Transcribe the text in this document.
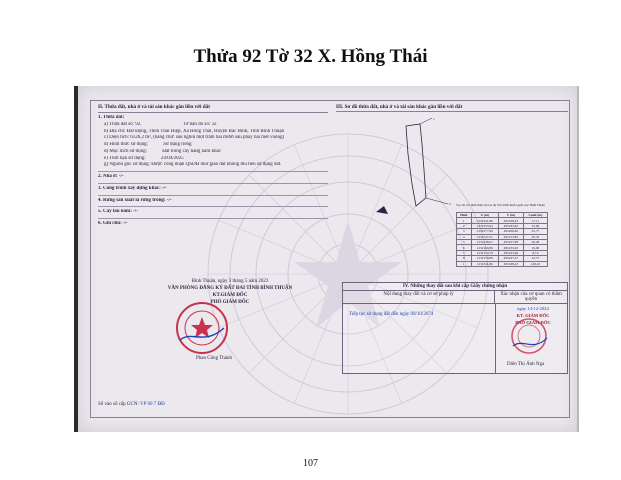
Thửa 92 Tờ 32 X. Hồng Thái
II. Thửa đất, nhà ở và tài sản khác gắn liền với đất
1. Thửa đất:
a) Thửa đất số: 92.	Tờ bản đồ số: 32
b) Địa chỉ: Đất Động, Thôn Thái Hiệp, Xã Hồng Thái, Huyện Bắc Bình, Tỉnh Bình Thuận
c) Diện tích: 6126,2 m², (bằng chữ: sáu nghìn một trăm hai mươi sáu phẩy hai mét vuông)
d) Hình thức sử dụng:	Sử dụng riêng
đ) Mục đích sử dụng:	Đất trồng cây hàng năm khác
e) Thời hạn sử dụng:	24/04/2025
g) Nguồn gốc sử dụng: Được công nhận QSDĐ như giao đất không thu tiền sử dụng đất.
2. Nhà ở: -/-
3. Công trình xây dựng khác: -/-
4. Rừng sản xuất là rừng trồng: -/-
5. Cây lâu năm: -/-
6. Ghi chú: -/-
Bình Thuận, ngày 3 tháng 5 năm 2023
VĂN PHÒNG ĐĂNG KÝ ĐẤT ĐAI TỈNH BÌNH THUẬN
KT.GIÁM ĐỐC
PHÓ GIÁM ĐỐC
Phan Công Thành
Số vào sổ cấp GCN: VP 00 7 ĐĐ
III. Sơ đồ thửa đất, nhà ở và tài sản khác gắn liền với đất
1
5 Tọa độ các đỉnh thửa, hệ tọa độ VN-2000 kinh tuyến trục Bình Thuận
Đỉnh	X (m)	Y (m)	Cạnh (m)
1	1232341,86	495168,43	17,11
2	1232333,94	495183,62	35,06
3	1232277,99	495208,40	61,77
4	1232147,51	495213,82	20,35
5	1232148,01	495227,98	26,28
6	1232169,89	495233,20	19,00
7	1232174,79	495243,66	8,16
8	1232179,89	495247,27	23,75
1	1232341,86	495168,43	148,16
IV. Những thay đổi sau khi cấp Giấy chứng nhận
Nội dung thay đổi và cơ sở pháp lý	Xác nhận của cơ quan có thẩm quyền
Tiếp tục sử dụng đất đến ngày 09/10/2074
ngày 14-12-2024
KT. GIÁM ĐỐC
PHÓ GIÁM ĐỐC
Diên Thị Ánh Nga
107
